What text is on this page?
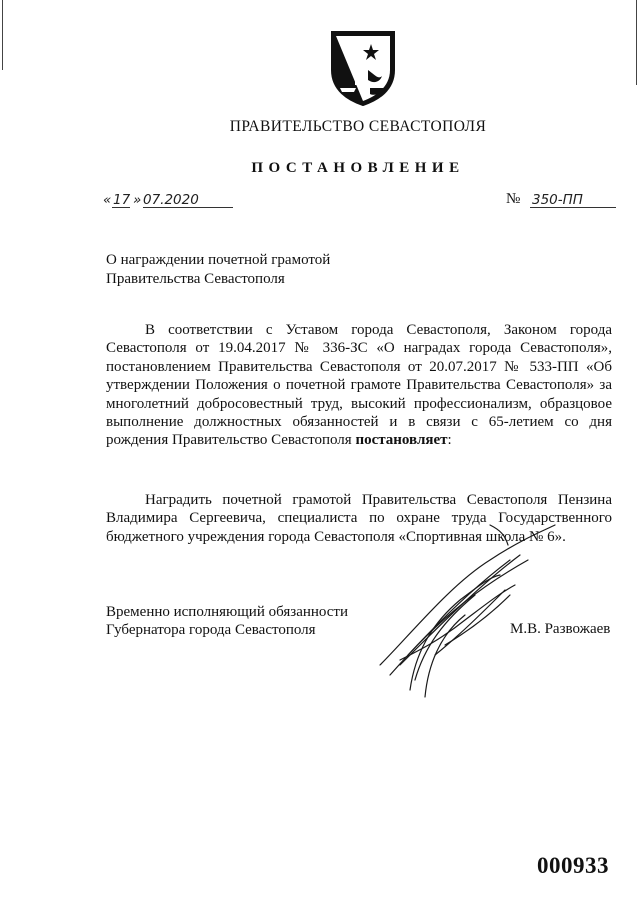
ПРАВИТЕЛЬСТВО СЕВАСТОПОЛЯ
ПОСТАНОВЛЕНИЕ
« 17 » 07.2020	№ 350-ПП
О награждении почетной грамотой
Правительства Севастополя
В соответствии с Уставом города Севастополя, Законом города Севастополя от 19.04.2017 № 336-ЗС «О наградах города Севастополя», постановлением Правительства Севастополя от 20.07.2017 № 533-ПП «Об утверждении Положения о почетной грамоте Правительства Севастополя» за многолетний добросовестный труд, высокий профессионализм, образцовое выполнение должностных обязанностей и в связи с 65-летием со дня рождения Правительство Севастополя постановляет:
Наградить почетной грамотой Правительства Севастополя Пензина Владимира Сергеевича, специалиста по охране труда Государственного бюджетного учреждения города Севастополя «Спортивная школа № 6».
Временно исполняющий обязанности
Губернатора города Севастополя	М.В. Развожаев
000933
